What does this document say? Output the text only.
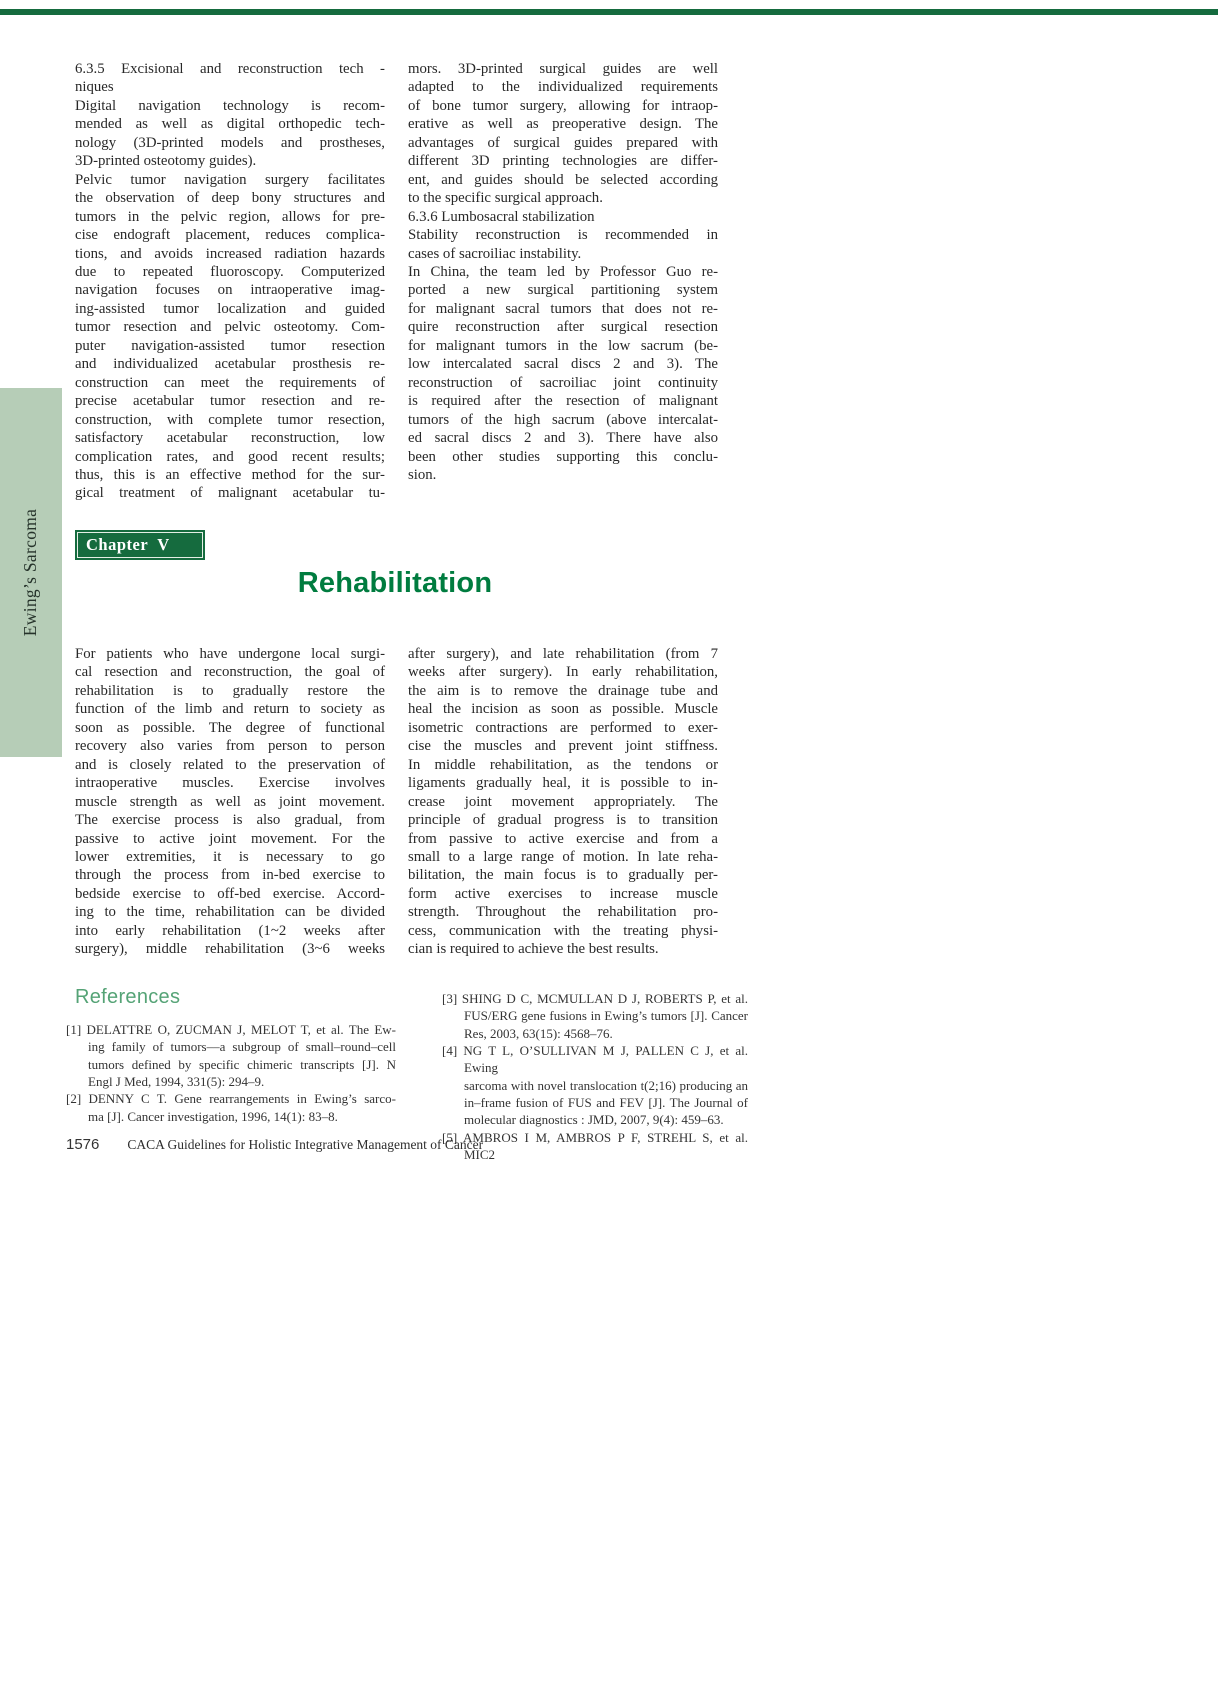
Ewing’s Sarcoma
6.3.5 Excisional and reconstruction tech -
niques
Digital navigation technology is recom-
mended as well as digital orthopedic tech-
nology (3D-printed models and prostheses,
3D-printed osteotomy guides).
Pelvic tumor navigation surgery facilitates
the observation of deep bony structures and
tumors in the pelvic region, allows for pre-
cise endograft placement, reduces complica-
tions, and avoids increased radiation hazards
due to repeated fluoroscopy. Computerized
navigation focuses on intraoperative imag-
ing-assisted tumor localization and guided
tumor resection and pelvic osteotomy. Com-
puter navigation-assisted tumor resection
and individualized acetabular prosthesis re-
construction can meet the requirements of
precise acetabular tumor resection and re-
construction, with complete tumor resection,
satisfactory acetabular reconstruction, low
complication rates, and good recent results;
thus, this is an effective method for the sur-
gical treatment of malignant acetabular tu-
mors. 3D-printed surgical guides are well
adapted to the individualized requirements
of bone tumor surgery, allowing for intraop-
erative as well as preoperative design. The
advantages of surgical guides prepared with
different 3D printing technologies are differ-
ent, and guides should be selected according
to the specific surgical approach.
6.3.6 Lumbosacral stabilization
Stability reconstruction is recommended in
cases of sacroiliac instability.
In China, the team led by Professor Guo re-
ported a new surgical partitioning system
for malignant sacral tumors that does not re-
quire reconstruction after surgical resection
for malignant tumors in the low sacrum (be-
low intercalated sacral discs 2 and 3). The
reconstruction of sacroiliac joint continuity
is required after the resection of malignant
tumors of the high sacrum (above intercalat-
ed sacral discs 2 and 3). There have also
been other studies supporting this conclu-
sion.
Chapter V
Rehabilitation
For patients who have undergone local surgi-
cal resection and reconstruction, the goal of
rehabilitation is to gradually restore the
function of the limb and return to society as
soon as possible. The degree of functional
recovery also varies from person to person
and is closely related to the preservation of
intraoperative muscles. Exercise involves
muscle strength as well as joint movement.
The exercise process is also gradual, from
passive to active joint movement. For the
lower extremities, it is necessary to go
through the process from in-bed exercise to
bedside exercise to off-bed exercise. Accord-
ing to the time, rehabilitation can be divided
into early rehabilitation (1~2 weeks after
surgery), middle rehabilitation (3~6 weeks
after surgery), and late rehabilitation (from 7
weeks after surgery). In early rehabilitation,
the aim is to remove the drainage tube and
heal the incision as soon as possible. Muscle
isometric contractions are performed to exer-
cise the muscles and prevent joint stiffness.
In middle rehabilitation, as the tendons or
ligaments gradually heal, it is possible to in-
crease joint movement appropriately. The
principle of gradual progress is to transition
from passive to active exercise and from a
small to a large range of motion. In late reha-
bilitation, the main focus is to gradually per-
form active exercises to increase muscle
strength. Throughout the rehabilitation pro-
cess, communication with the treating physi-
cian is required to achieve the best results.
References
[1] DELATTRE O, ZUCMAN J, MELOT T, et al. The Ew-
ing family of tumors––a subgroup of small–round–cell
tumors defined by specific chimeric transcripts [J]. N
Engl J Med, 1994, 331(5): 294–9.
[2] DENNY C T. Gene rearrangements in Ewing’s sarco-
ma [J]. Cancer investigation, 1996, 14(1): 83–8.
[3] SHING D C, MCMULLAN D J, ROBERTS P, et al.
FUS/ERG gene fusions in Ewing’s tumors [J]. Cancer
Res, 2003, 63(15): 4568–76.
[4] NG T L, O’SULLIVAN M J, PALLEN C J, et al. Ewing
sarcoma with novel translocation t(2;16) producing an
in–frame fusion of FUS and FEV [J]. The Journal of
molecular diagnostics : JMD, 2007, 9(4): 459–63.
[5] AMBROS I M, AMBROS P F, STREHL S, et al. MIC2
1576 CACA Guidelines for Holistic Integrative Management of Cancer
